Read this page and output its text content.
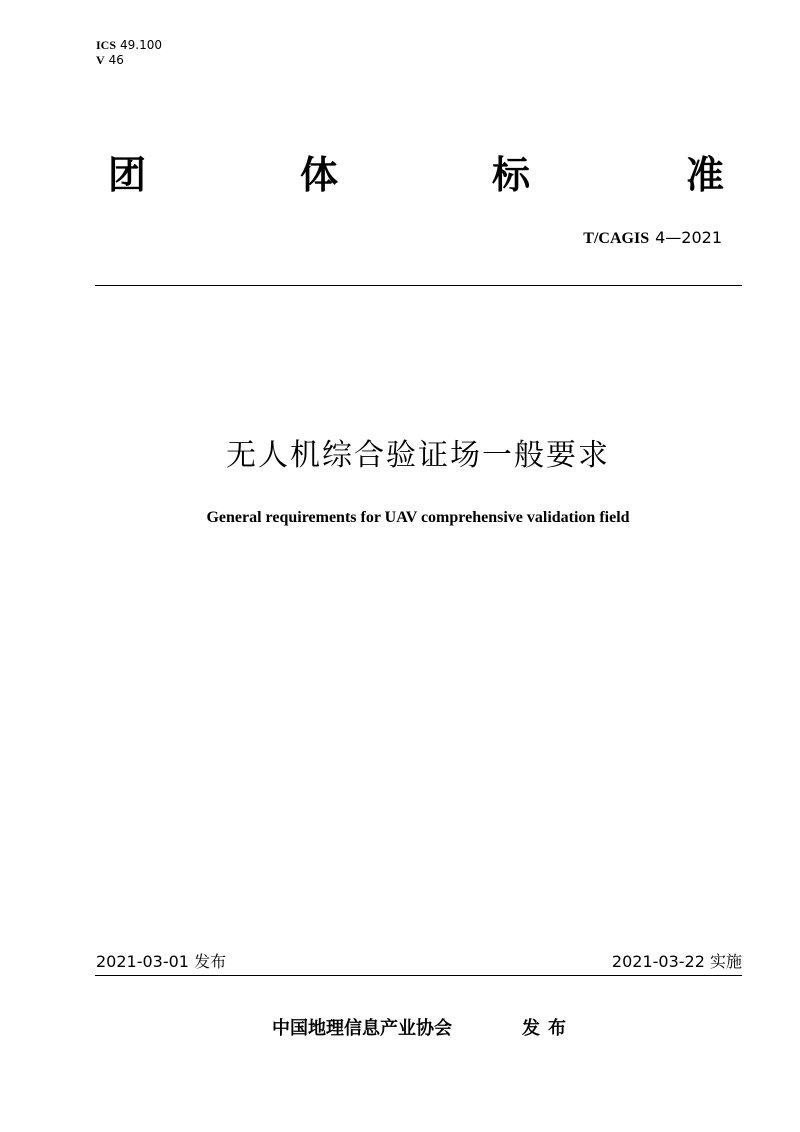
ICS 49.100
V 46
团	体	标	准
T/CAGIS 4—2021
无人机综合验证场一般要求
General requirements for UAV comprehensive validation field
2021-03-01 发布	2021-03-22 实施
中国地理信息产业协会	发布
